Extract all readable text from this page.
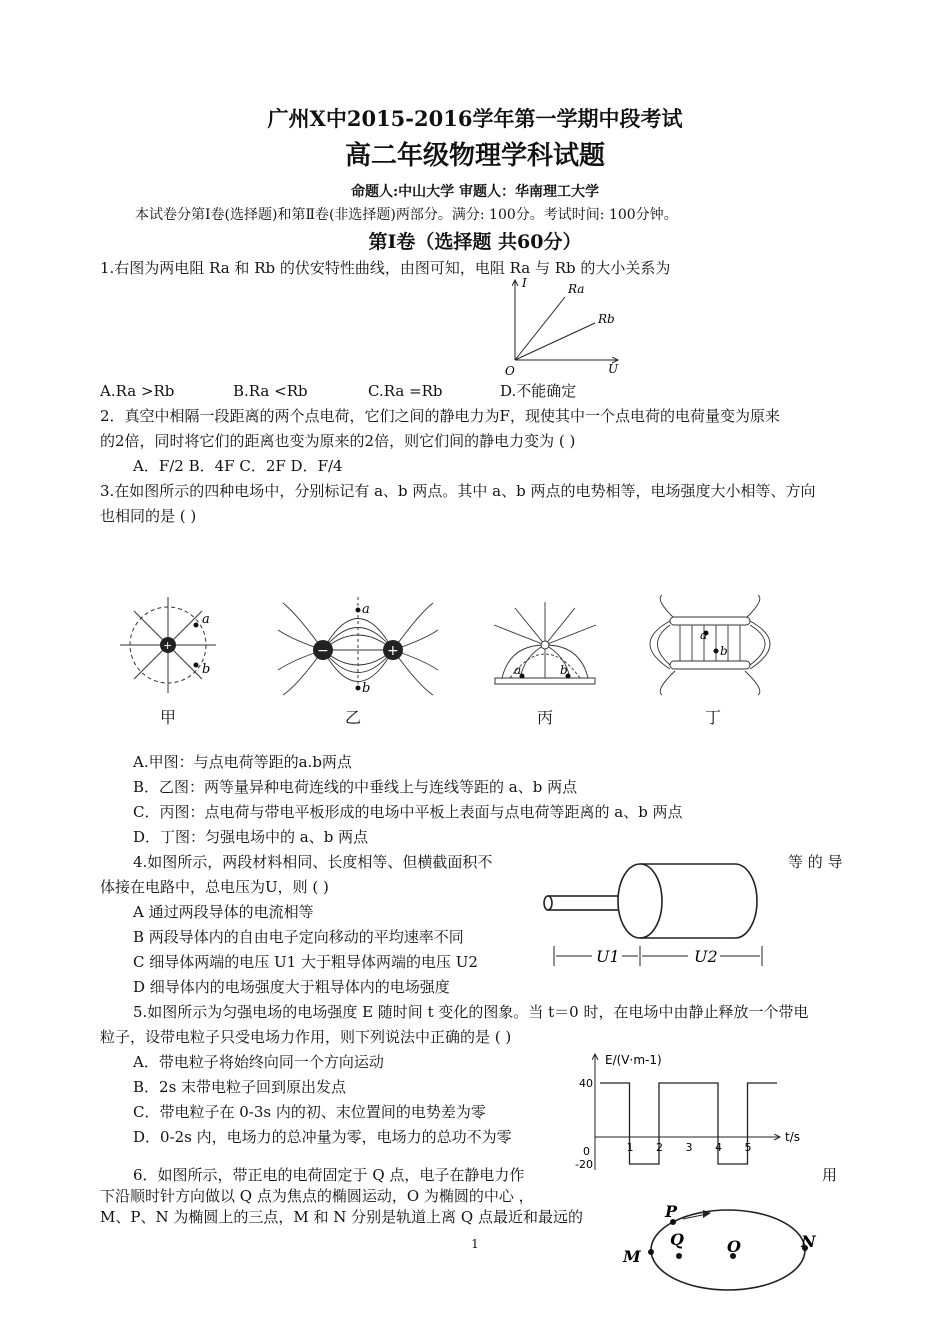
广州X中2015-2016学年第一学期中段考试
高二年级物理学科试题
命题人:中山大学 审题人：华南理工大学
本试卷分第Ⅰ卷(选择题)和第Ⅱ卷(非选择题)两部分。满分: 100分。考试时间: 100分钟。
第Ⅰ卷（选择题 共60分）
1.右图为两电阻 Ra 和 Rb 的伏安特性曲线，由图可知，电阻 Ra 与 Rb 的大小关系为
I
U
O
Ra
Rb
A.Ra >Rb	B.Ra <Rb	C.Ra =Rb	D.不能确定
2．真空中相隔一段距离的两个点电荷，它们之间的静电力为F，现使其中一个点电荷的电荷量变为原来
的2倍，同时将它们的距离也变为原来的2倍，则它们间的静电力变为 ( )
A．F/2 B．4F C．2F D．F/4
3.在如图所示的四种电场中，分别标记有 a、b 两点。其中 a、b 两点的电势相等，电场强度大小相等、方向
也相同的是 ( )
+
a
b
甲
−	+
a
b
乙
a	b
丙
a
b
丁
A.甲图：与点电荷等距的a.b两点
B．乙图：两等量异种电荷连线的中垂线上与连线等距的 a、b 两点
C．丙图：点电荷与带电平板形成的电场中平板上表面与点电荷等距离的 a、b 两点
D．丁图：匀强电场中的 a、b 两点
4.如图所示，两段材料相同、长度相等、但横截面积不	等 的 导
体接在电路中，总电压为U，则 ( )
A 通过两段导体的电流相等
B 两段导体内的自由电子定向移动的平均速率不同
C 细导体两端的电压 U1 大于粗导体两端的电压 U2
D 细导体内的电场强度大于粗导体内的电场强度
U1	U2
5.如图所示为匀强电场的电场强度 E 随时间 t 变化的图象。当 t＝0 时，在电场中由静止释放一个带电
粒子，设带电粒子只受电场力作用，则下列说法中正确的是 ( )
A．带电粒子将始终向同一个方向运动
B．2s 末带电粒子回到原出发点
C．带电粒子在 0-3s 内的初、末位置间的电势差为零
D．0-2s 内，电场力的总冲量为零，电场力的总功不为零
1 2 3 4 5
40
0
-20
E/(V·m-1)
t/s
6．如图所示，带正电的电荷固定于 Q 点，电子在静电力作	用
下沿顺时针方向做以 Q 点为焦点的椭圆运动，O 为椭圆的中心 ，
M、P、N 为椭圆上的三点，M 和 N 分别是轨道上离 Q 点最近和最远的	P
Q	O
M
N
1
